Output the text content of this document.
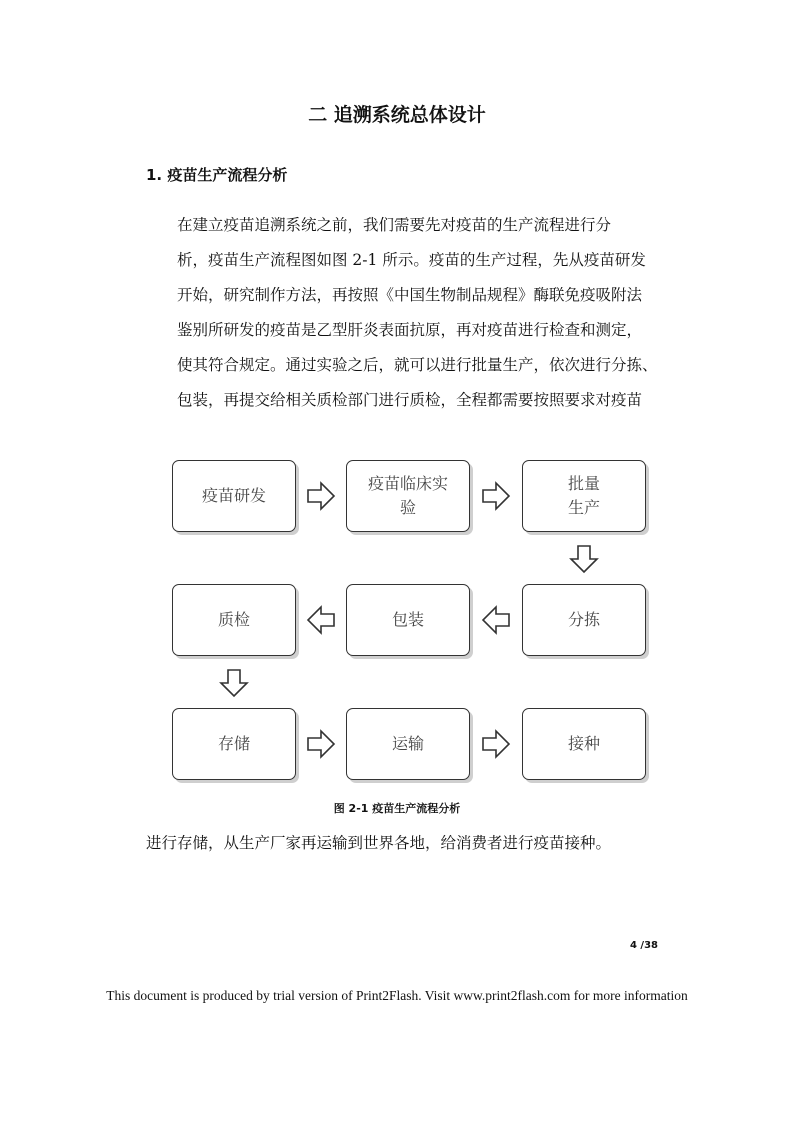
二 追溯系统总体设计
1. 疫苗生产流程分析
在建立疫苗追溯系统之前，我们需要先对疫苗的生产流程进行分
析，疫苗生产流程图如图 2-1 所示。疫苗的生产过程，先从疫苗研发
开始，研究制作方法，再按照《中国生物制品规程》酶联免疫吸附法
鉴别所研发的疫苗是乙型肝炎表面抗原，再对疫苗进行检查和测定，
使其符合规定。通过实验之后，就可以进行批量生产，依次进行分拣、
包装，再提交给相关质检部门进行质检，全程都需要按照要求对疫苗
疫苗研发
疫苗临床实
验
批量
生产
质检	包装	分拣
存储	运输	接种
图 2-1 疫苗生产流程分析
进行存储，从生产厂家再运输到世界各地，给消费者进行疫苗接种。
4 /38
This document is produced by trial version of Print2Flash. Visit www.print2flash.com for more information
